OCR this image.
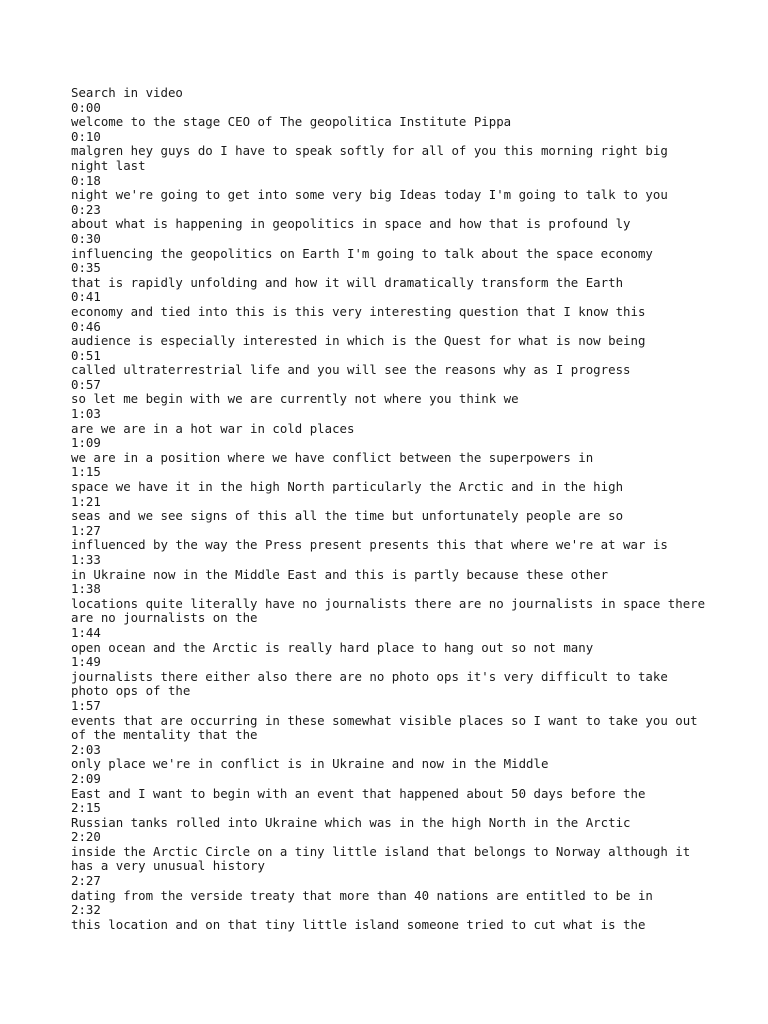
Search in video
0:00
welcome to the stage CEO of The geopolitica Institute Pippa
0:10
malgren hey guys do I have to speak softly for all of you this morning right big night last
0:18
night we're going to get into some very big Ideas today I'm going to talk to you
0:23
about what is happening in geopolitics in space and how that is profound ly
0:30
influencing the geopolitics on Earth I'm going to talk about the space economy
0:35
that is rapidly unfolding and how it will dramatically transform the Earth
0:41
economy and tied into this is this very interesting question that I know this
0:46
audience is especially interested in which is the Quest for what is now being
0:51
called ultraterrestrial life and you will see the reasons why as I progress
0:57
so let me begin with we are currently not where you think we
1:03
are we are in a hot war in cold places
1:09
we are in a position where we have conflict between the superpowers in
1:15
space we have it in the high North particularly the Arctic and in the high
1:21
seas and we see signs of this all the time but unfortunately people are so
1:27
influenced by the way the Press present presents this that where we're at war is
1:33
in Ukraine now in the Middle East and this is partly because these other
1:38
locations quite literally have no journalists there are no journalists in space there are no journalists on the
1:44
open ocean and the Arctic is really hard place to hang out so not many
1:49
journalists there either also there are no photo ops it's very difficult to take photo ops of the
1:57
events that are occurring in these somewhat visible places so I want to take you out of the mentality that the
2:03
only place we're in conflict is in Ukraine and now in the Middle
2:09
East and I want to begin with an event that happened about 50 days before the
2:15
Russian tanks rolled into Ukraine which was in the high North in the Arctic
2:20
inside the Arctic Circle on a tiny little island that belongs to Norway although it has a very unusual history
2:27
dating from the verside treaty that more than 40 nations are entitled to be in
2:32
this location and on that tiny little island someone tried to cut what is the
